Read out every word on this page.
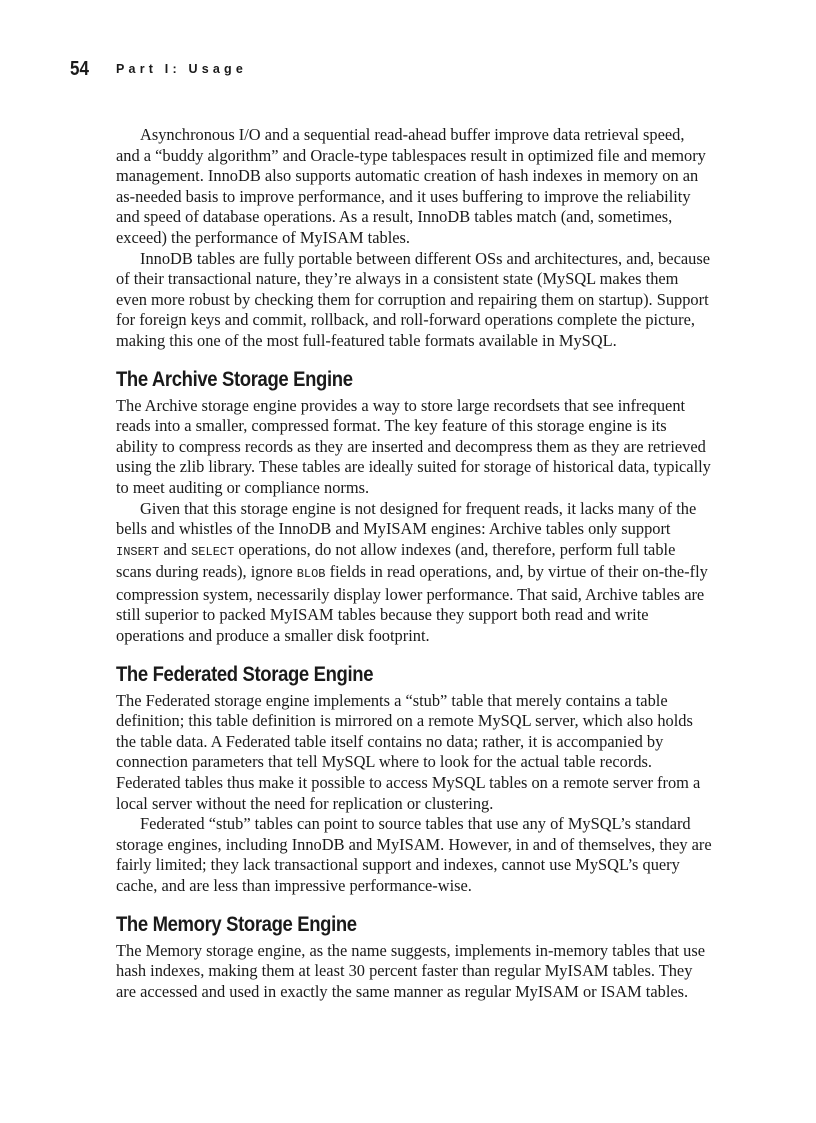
54 Part I: Usage

Asynchronous I/O and a sequential read-ahead buffer improve data retrieval speed, and a “buddy algorithm” and Oracle-type tablespaces result in optimized file and memory management. InnoDB also supports automatic creation of hash indexes in memory on an as-needed basis to improve performance, and it uses buffering to improve the reliability and speed of database operations. As a result, InnoDB tables match (and, sometimes, exceed) the performance of MyISAM tables.

InnoDB tables are fully portable between different OSs and architectures, and, because of their transactional nature, they’re always in a consistent state (MySQL makes them even more robust by checking them for corruption and repairing them on startup). Support for foreign keys and commit, rollback, and roll-forward operations complete the picture, making this one of the most full-featured table formats available in MySQL.

The Archive Storage Engine

The Archive storage engine provides a way to store large recordsets that see infrequent reads into a smaller, compressed format. The key feature of this storage engine is its ability to compress records as they are inserted and decompress them as they are retrieved using the zlib library. These tables are ideally suited for storage of historical data, typically to meet auditing or compliance norms.

Given that this storage engine is not designed for frequent reads, it lacks many of the bells and whistles of the InnoDB and MyISAM engines: Archive tables only support INSERT and SELECT operations, do not allow indexes (and, therefore, perform full table scans during reads), ignore BLOB fields in read operations, and, by virtue of their on-the-fly compression system, necessarily display lower performance. That said, Archive tables are still superior to packed MyISAM tables because they support both read and write operations and produce a smaller disk footprint.

The Federated Storage Engine

The Federated storage engine implements a “stub” table that merely contains a table definition; this table definition is mirrored on a remote MySQL server, which also holds the table data. A Federated table itself contains no data; rather, it is accompanied by connection parameters that tell MySQL where to look for the actual table records. Federated tables thus make it possible to access MySQL tables on a remote server from a local server without the need for replication or clustering.

Federated “stub” tables can point to source tables that use any of MySQL’s standard storage engines, including InnoDB and MyISAM. However, in and of themselves, they are fairly limited; they lack transactional support and indexes, cannot use MySQL’s query cache, and are less than impressive performance-wise.

The Memory Storage Engine

The Memory storage engine, as the name suggests, implements in-memory tables that use hash indexes, making them at least 30 percent faster than regular MyISAM tables. They are accessed and used in exactly the same manner as regular MyISAM or ISAM tables.
